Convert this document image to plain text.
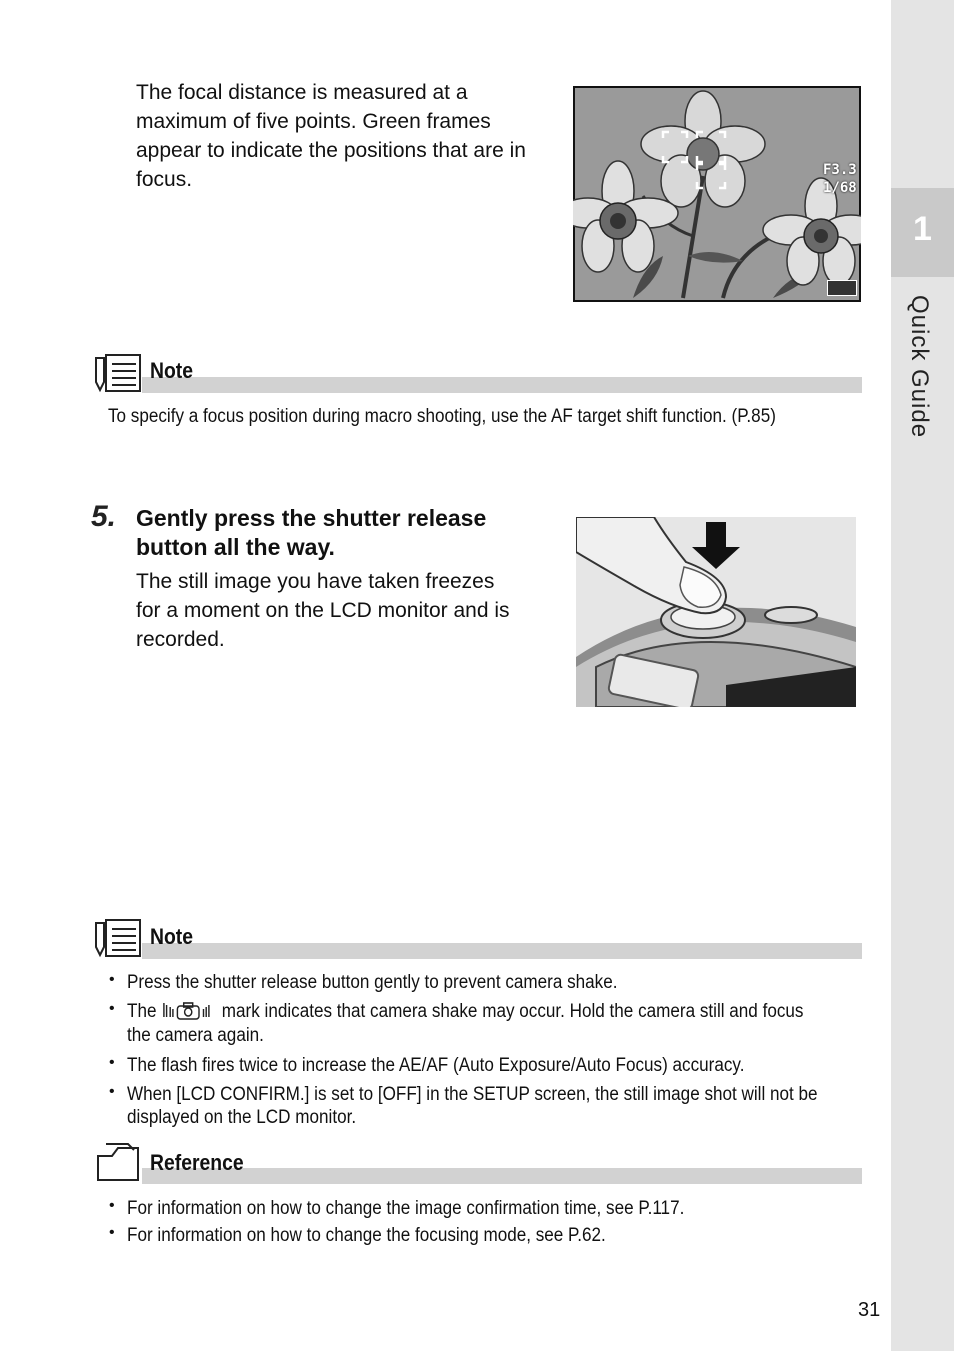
1
Quick Guide
The focal distance is measured at a
maximum of five points. Green frames
appear to indicate the positions that are in
focus.	F3.3
1/68
Note
To specify a focus position during macro shooting, use the AF target shift function. (P.85)
5. Gently press the shutter release
button all the way.
The still image you have taken freezes
for a moment on the LCD monitor and is
recorded.
Note
• Press the shutter release button gently to prevent camera shake.
• The	mark indicates that camera shake may occur. Hold the camera still and focus
the camera again.
• The flash fires twice to increase the AE/AF (Auto Exposure/Auto Focus) accuracy.
• When [LCD CONFIRM.] is set to [OFF] in the SETUP screen, the still image shot will not be
displayed on the LCD monitor.
Reference
• For information on how to change the image confirmation time, see P.117.
• For information on how to change the focusing mode, see P.62.
31
